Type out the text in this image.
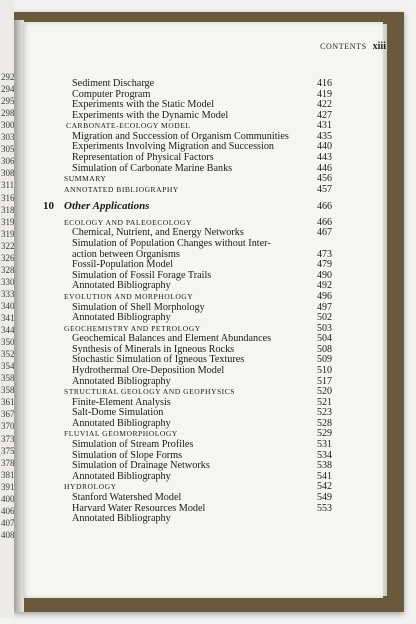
292
294
295
298
300
303
305
306
308
311
316
318
319
319
322
326
328
330
333
340
341
344
350
352
354
358
358
361
367
370
373
375
378
381
391
400
406
407
408
CONTENTS xiii
Sediment Discharge	416
Computer Program	419
Experiments with the Static Model	422
Experiments with the Dynamic Model	427
CARBONATE-ECOLOGY MODEL	431
Migration and Succession of Organism Communities	435
Experiments Involving Migration and Succession	440
Representation of Physical Factors	443
Simulation of Carbonate Marine Banks	446
SUMMARY	456
ANNOTATED BIBLIOGRAPHY	457
10 Other Applications	466
ECOLOGY AND PALEOECOLOGY	466
Chemical, Nutrient, and Energy Networks	467
Simulation of Population Changes without Inter-
action between Organisms	473
Fossil-Population Model	479
Simulation of Fossil Forage Trails	490
Annotated Bibliography	492
EVOLUTION AND MORPHOLOGY	496
Simulation of Shell Morphology	497
Annotated Bibliography	502
GEOCHEMISTRY AND PETROLOGY	503
Geochemical Balances and Element Abundances	504
Synthesis of Minerals in Igneous Rocks	508
Stochastic Simulation of Igneous Textures	509
Hydrothermal Ore-Deposition Model	510
Annotated Bibliography	517
STRUCTURAL GEOLOGY AND GEOPHYSICS	520
Finite-Element Analysis	521
Salt-Dome Simulation	523
Annotated Bibliography	528
FLUVIAL GEOMORPHOLOGY	529
Simulation of Stream Profiles	531
Simulation of Slope Forms	534
Simulation of Drainage Networks	538
Annotated Bibliography	541
HYDROLOGY	542
Stanford Watershed Model	549
Harvard Water Resources Model	553
Annotated Bibliography
